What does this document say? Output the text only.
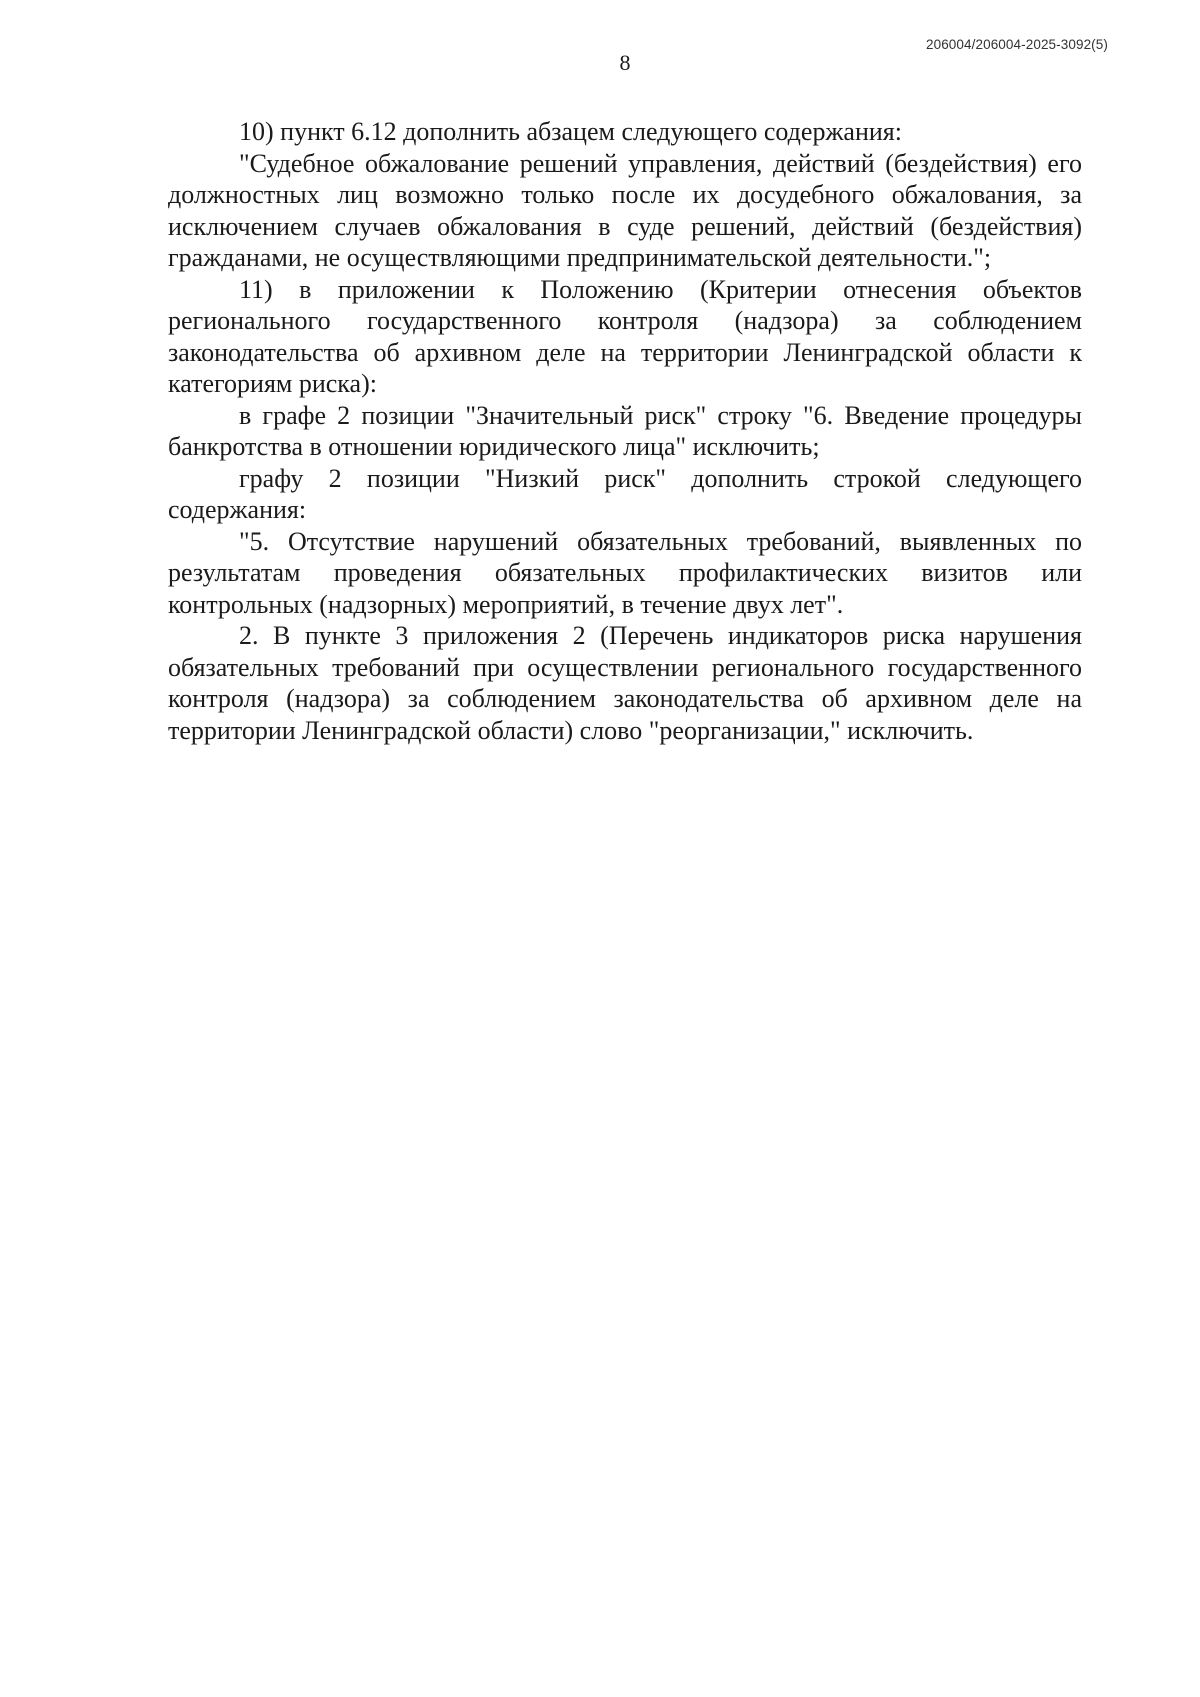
206004/206004-2025-3092(5)
8

10) пункт 6.12 дополнить абзацем следующего содержания:

"Судебное обжалование решений управления, действий (бездействия) его должностных лиц возможно только после их досудебного обжалования, за исключением случаев обжалования в суде решений, действий (бездействия) гражданами, не осуществляющими предпринимательской деятельности.";

11) в приложении к Положению (Критерии отнесения объектов регионального государственного контроля (надзора) за соблюдением законодательства об архивном деле на территории Ленинградской области к категориям риска):

в графе 2 позиции "Значительный риск" строку "6. Введение процедуры банкротства в отношении юридического лица" исключить;

графу 2 позиции "Низкий риск" дополнить строкой следующего содержания:

"5. Отсутствие нарушений обязательных требований, выявленных по результатам проведения обязательных профилактических визитов или контрольных (надзорных) мероприятий, в течение двух лет".

2. В пункте 3 приложения 2 (Перечень индикаторов риска нарушения обязательных требований при осуществлении регионального государственного контроля (надзора) за соблюдением законодательства об архивном деле на территории Ленинградской области) слово "реорганизации," исключить.
